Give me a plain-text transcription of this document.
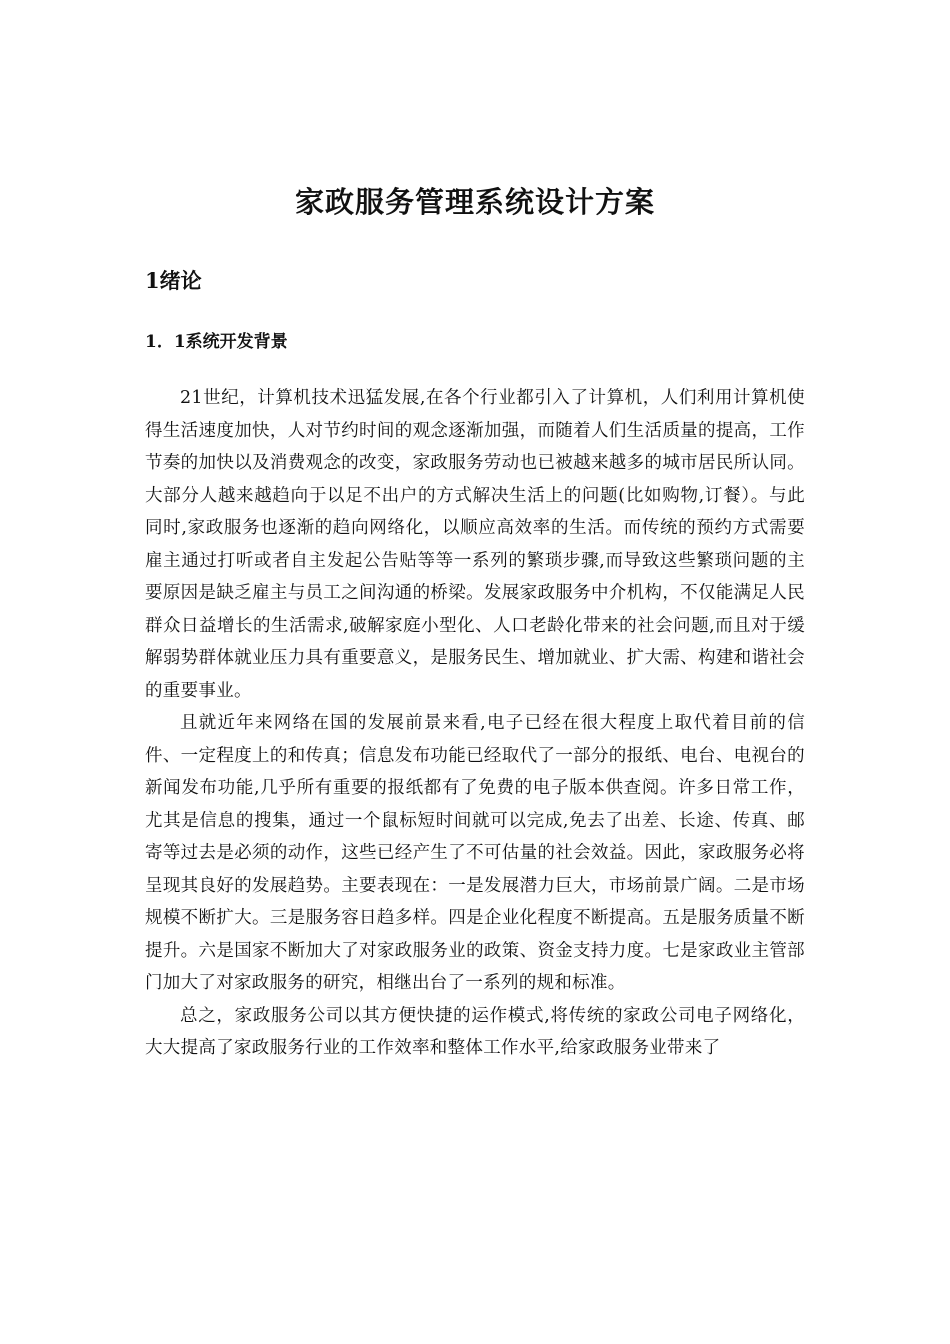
家政服务管理系统设计方案
1绪论
1．1系统开发背景

21世纪，计算机技术迅猛发展,在各个行业都引入了计算机，人们利用计算机使得生活速度加快，人对节约时间的观念逐渐加强，而随着人们生活质量的提高，工作节奏的加快以及消费观念的改变，家政服务劳动也已被越来越多的城市居民所认同。大部分人越来越趋向于以足不出户的方式解决生活上的问题(比如购物,订餐）。与此同时,家政服务也逐渐的趋向网络化，以顺应高效率的生活。而传统的预约方式需要雇主通过打听或者自主发起公告贴等等一系列的繁琐步骤,而导致这些繁琐问题的主要原因是缺乏雇主与员工之间沟通的桥梁。发展家政服务中介机构，不仅能满足人民群众日益增长的生活需求,破解家庭小型化、人口老龄化带来的社会问题,而且对于缓解弱势群体就业压力具有重要意义，是服务民生、增加就业、扩大需、构建和谐社会的重要事业。

且就近年来网络在国的发展前景来看,电子已经在很大程度上取代着目前的信件、一定程度上的和传真；信息发布功能已经取代了一部分的报纸、电台、电视台的新闻发布功能,几乎所有重要的报纸都有了免费的电子版本供查阅。许多日常工作，尤其是信息的搜集，通过一个鼠标短时间就可以完成,免去了出差、长途、传真、邮寄等过去是必须的动作，这些已经产生了不可估量的社会效益。因此，家政服务必将呈现其良好的发展趋势。主要表现在：一是发展潜力巨大，市场前景广阔。二是市场规模不断扩大。三是服务容日趋多样。四是企业化程度不断提高。五是服务质量不断提升。六是国家不断加大了对家政服务业的政策、资金支持力度。七是家政业主管部门加大了对家政服务的研究，相继出台了一系列的规和标准。

总之，家政服务公司以其方便快捷的运作模式,将传统的家政公司电子网络化，大大提高了家政服务行业的工作效率和整体工作水平,给家政服务业带来了
